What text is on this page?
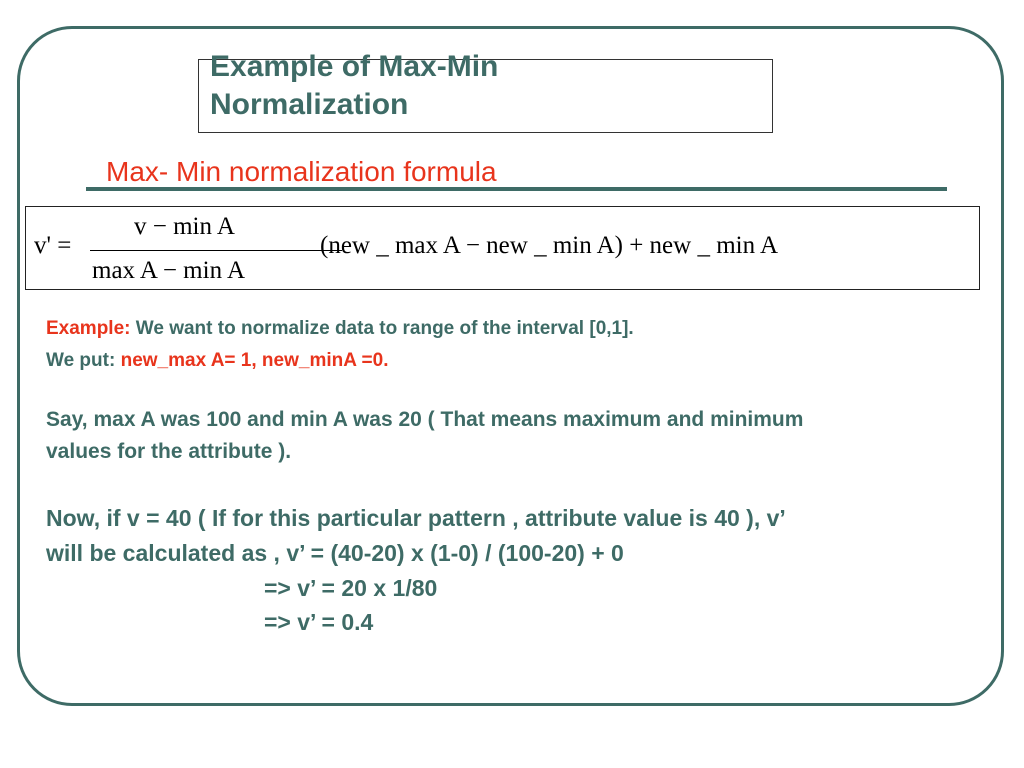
Example of Max-Min
Normalization
Max- Min normalization formula
v' =
v − min A
max A − min A
(new _ max A − new _ min A) + new _ min A
Example: We want to normalize data to range of the interval [0,1].
We put: new_max A= 1, new_minA =0.
Say, max A was 100 and min A was 20 ( That means maximum and minimum
values for the attribute ).
Now, if v = 40 ( If for this particular pattern , attribute value is 40 ), v’
will be calculated as , v’ = (40-20) x (1-0) / (100-20) + 0
=> v’ = 20 x 1/80
=> v’ = 0.4
